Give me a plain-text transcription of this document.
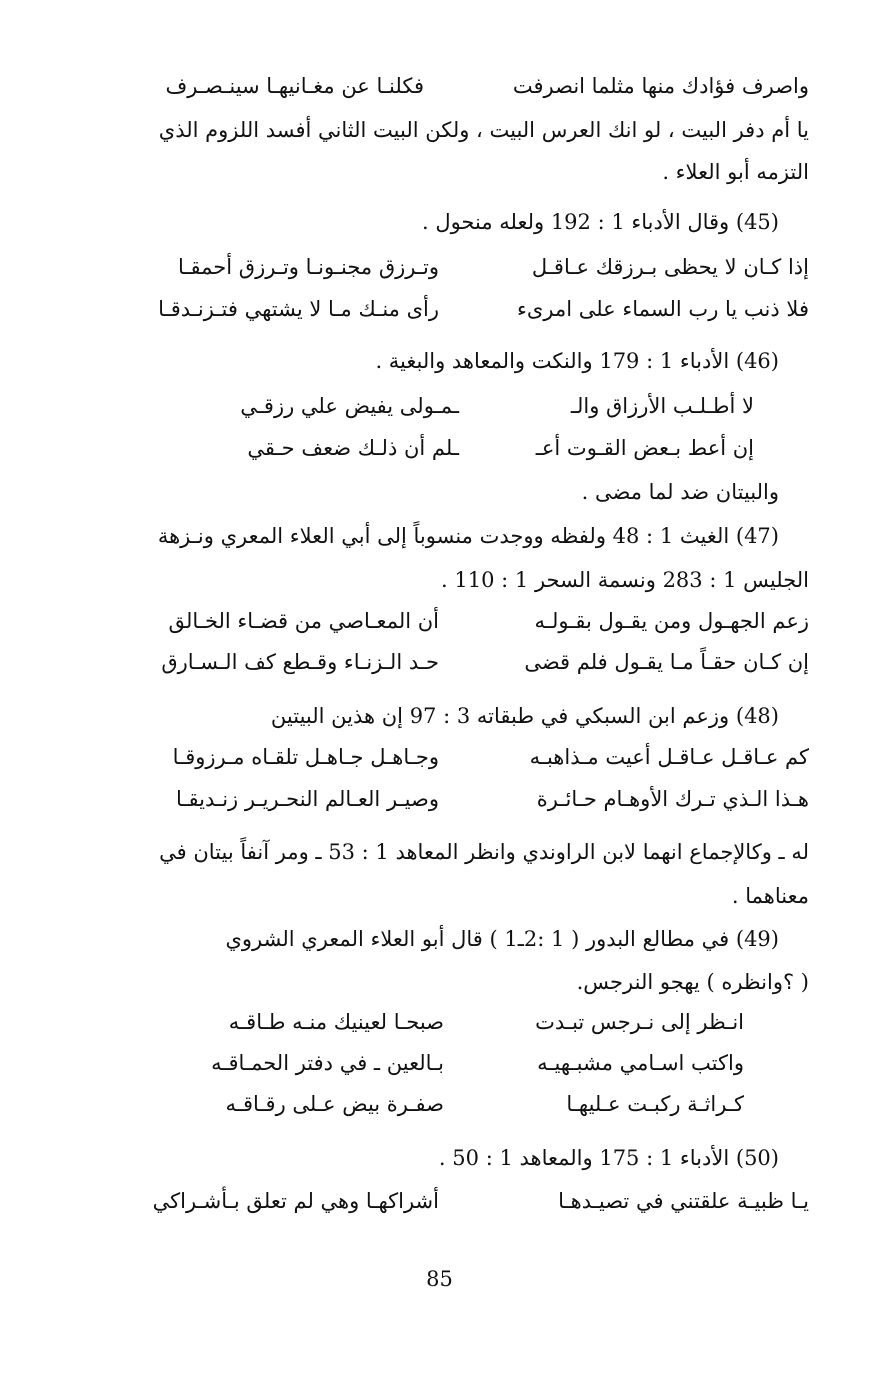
واصرف فؤادك منها مثلما انصرفت
فكلنـا عن مغـانيهـا سينـصـرف
يا أم دفر البيت ، لو انك العرس البيت ، ولكن البيت الثاني أفسد اللزوم الذي
التزمه أبو العلاء .
(45) وقال الأدباء 1 : 192 ولعله منحول .
إذا كـان لا يحظى بـرزقك عـاقـل
وتـرزق مجنـونـا وتـرزق أحمقـا
فلا ذنب يا رب السماء على امرىء
رأى منـك مـا لا يشتهي فتـزنـدقـا
(46) الأدباء 1 : 179 والنكت والمعاهد والبغية .
لا أطـلـب الأرزاق والـ
ـمـولى يفيض علي رزقـي
إن أعط بـعض القـوت أعـ
ـلم أن ذلـك ضعف حـقي
والبيتان ضد لما مضى .
(47) الغيث 1 : 48 ولفظه ووجدت منسوباً إلى أبي العلاء المعري ونـزهة
الجليس 1 : 283 ونسمة السحر 1 : 110 .
زعم الجهـول ومن يقـول بقـولـه
أن المعـاصي من قضـاء الخـالق
إن كـان حقـاً مـا يقـول فلم قضى
حـد الـزنـاء وقـطع كف الـسـارق
(48) وزعم ابن السبكي في طبقاته 3 : 97 إن هذين البيتين
كم عـاقـل عـاقـل أعيت مـذاهبـه
وجـاهـل جـاهـل تلقـاه مـرزوقـا
هـذا الـذي تـرك الأوهـام حـائـرة
وصيـر العـالم النحـريـر زنـديقـا
له ـ وكالإجماع انهما لابن الراوندي وانظر المعاهد 1 : 53 ـ ومر آنفاً بيتان في
معناهما .
(49) في مطالع البدور ( 1 :2ـ1 ) قال أبو العلاء المعري الشروي
( ؟وانظره ) يهجو النرجس.
انـظر إلى نـرجس تبـدت
صبحـا لعينيك منـه طـاقـه
واكتب اسـامي مشبـهيـه
بـالعين ـ في دفتر الحمـاقـه
كـراثـة ركبـت عـليهـا
صفـرة بيض عـلى رقـاقـه
(50) الأدباء 1 : 175 والمعاهد 1 : 50 .
يـا ظبيـة علقتني في تصيـدهـا
أشراكهـا وهي لم تعلق بـأشـراكي
85
